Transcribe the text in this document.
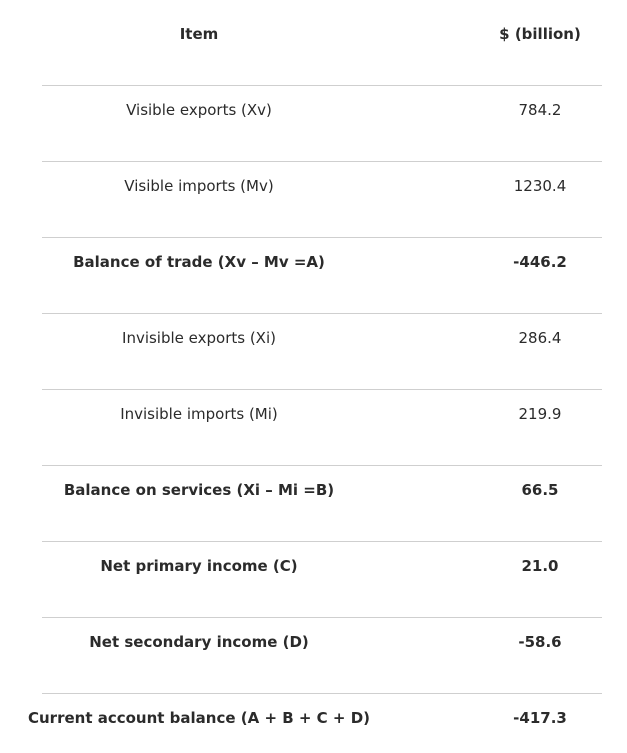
Item	$ (billion)
Visible exports (Xv)	784.2
Visible imports (Mv)	1230.4
Balance of trade (Xv – Mv =A)	-446.2
Invisible exports (Xi)	286.4
Invisible imports (Mi)	219.9
Balance on services (Xi – Mi =B)	66.5
Net primary income (C)	21.0
Net secondary income (D)	-58.6
Current account balance (A + B + C + D)	-417.3
